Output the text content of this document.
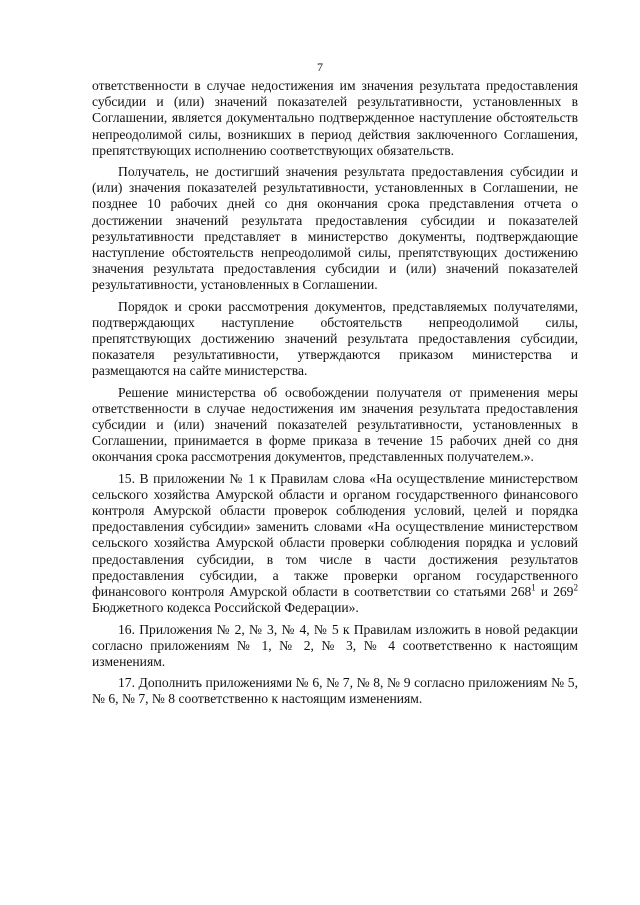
7

ответственности в случае недостижения им значения результата предоставления субсидии и (или) значений показателей результативности, установленных в Соглашении, является документально подтвержденное наступление обстоятельств непреодолимой силы, возникших в период действия заключенного Соглашения, препятствующих исполнению соответствующих обязательств.

Получатель, не достигший значения результата предоставления субсидии и (или) значения показателей результативности, установленных в Соглашении, не позднее 10 рабочих дней со дня окончания срока представления отчета о достижении значений результата предоставления субсидии и показателей результативности представляет в министерство документы, подтверждающие наступление обстоятельств непреодолимой силы, препятствующих достижению значения результата предоставления субсидии и (или) значений показателей результативности, установленных в Соглашении.

Порядок и сроки рассмотрения документов, представляемых получателями, подтверждающих наступление обстоятельств непреодолимой силы, препятствующих достижению значений результата предоставления субсидии, показателя результативности, утверждаются приказом министерства и размещаются на сайте министерства.

Решение министерства об освобождении получателя от применения меры ответственности в случае недостижения им значения результата предоставления субсидии и (или) значений показателей результативности, установленных в Соглашении, принимается в форме приказа в течение 15 рабочих дней со дня окончания срока рассмотрения документов, представленных получателем.».

15. В приложении № 1 к Правилам слова «На осуществление министерством сельского хозяйства Амурской области и органом государственного финансового контроля Амурской области проверок соблюдения условий, целей и порядка предоставления субсидии» заменить словами «На осуществление министерством сельского хозяйства Амурской области проверки соблюдения порядка и условий предоставления субсидии, в том числе в части достижения результатов предоставления субсидии, а также проверки органом государственного финансового контроля Амурской области в соответствии со статьями $268^1$ и $269^2$ Бюджетного кодекса Российской Федерации».

16. Приложения № 2, № 3, № 4, № 5 к Правилам изложить в новой редакции согласно приложениям № 1, № 2, № 3, № 4 соответственно к настоящим изменениям.

17. Дополнить приложениями № 6, № 7, № 8, № 9 согласно приложениям № 5, № 6, № 7, № 8 соответственно к настоящим изменениям.
